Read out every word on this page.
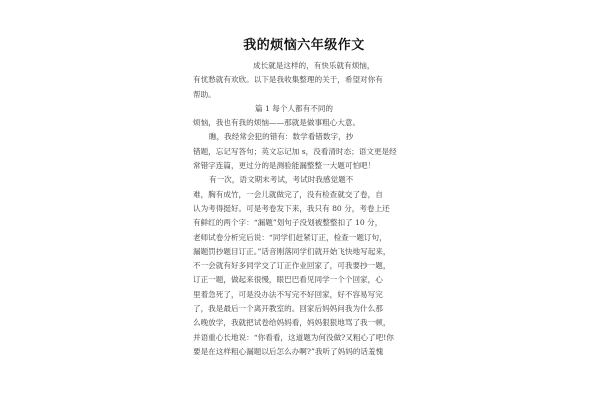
我的烦恼六年级作文
成长就是这样的，有快乐就有烦恼，
有忧愁就有欢欣。以下是我收集整理的关于，希望对你有
帮助。
篇 1 每个人都有不同的
烦恼，我也有我的烦恼——那就是做事粗心大意。
瞧，我经常会犯的错有：数学看错数字，抄
错题，忘记写答句；英文忘记加 s，没看清时态；语文更是经
常错字连篇，更过分的是测验能漏整整一大题可怕吧！
有一次，语文期末考试，考试时我感觉题不
难，胸有成竹，一会儿就做完了，没有检查就交了卷，自
认为考得挺好。可是考卷发下来，我只有 80 分，考卷上还
有鲜红的两个字：“漏题”划句子没划被整整扣了 10 分，
老师试卷分析完后说：“同学们赶紧订正，检查一题订句，
漏题罚抄题目订正。”话音刚落同学们就开始飞快地写起来，
不一会就有好多同学交了订正作业回家了，可我要抄一题，
订正一题，做起来很慢，眼巴巴看见同学一个个回家，心
里着急死了，可是没办法不写完不好回家，好不容易写完
了，我是最后一个离开教室的。回家后妈妈问我为什么那
么晚放学，我就把试卷给妈妈看，妈妈狠狠地骂了我一顿，
并语重心长地说：“你看看，这道题为何没做?又粗心了吧!你
要是在这样粗心漏题以后怎么办啊?”我听了妈妈的话羞愧
